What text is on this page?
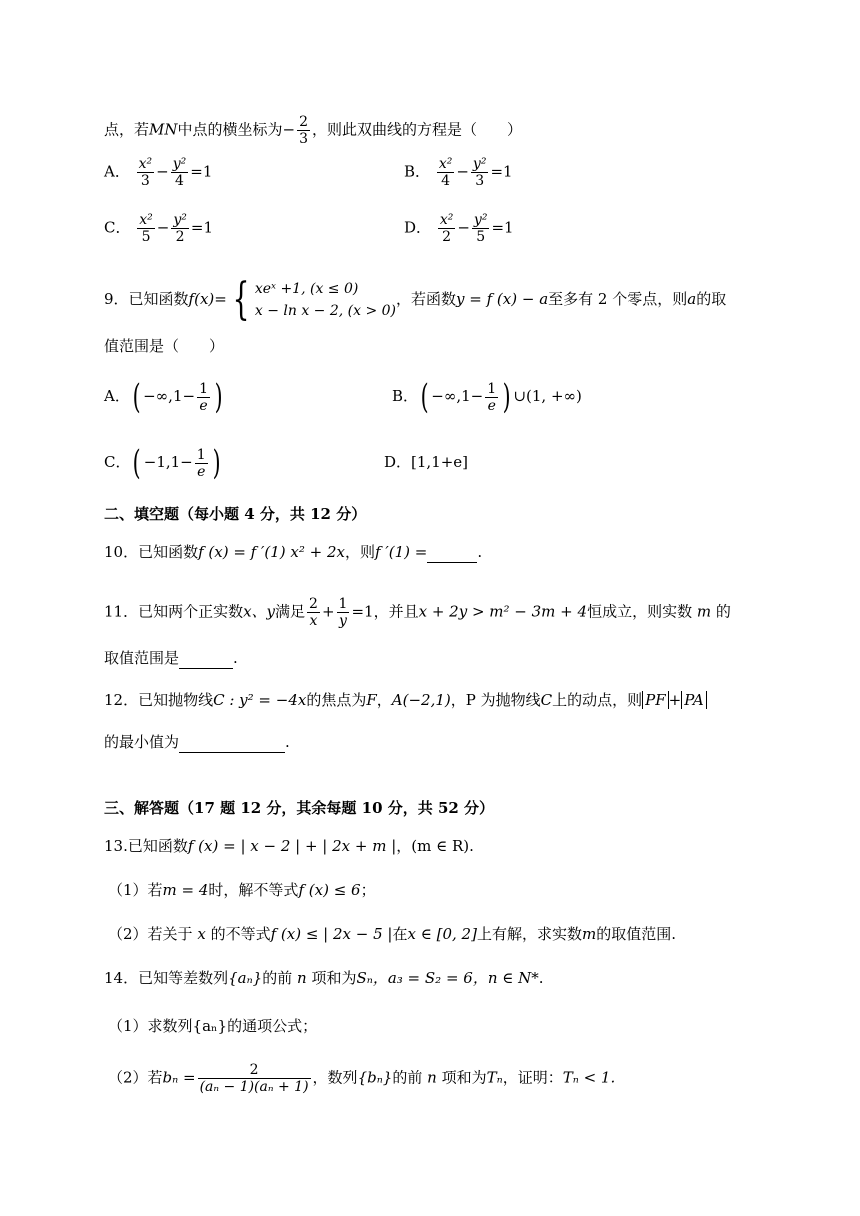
点，若MN中点的横坐标为− $\frac{2}{3}$ ，则此双曲线的方程是（　　）
A． $\frac{\text{x²}}{3} - \frac{\text{y²}}{4} =1$	B． $\frac{\text{x²}}{4} - \frac{\text{y²}}{3} =1$
C． $\frac{\text{x²}}{5} - \frac{\text{y²}}{2} =1$	D． $\frac{\text{x²}}{2} - \frac{\text{y²}}{5} =1$
9．已知函数f(x)= { xeˣ +1, (x ≤ 0)
x − ln x − 2, (x > 0)
，若函数y = f (x) − a至多有 2 个零点，则a的取
值范围是（　　）
A．( $-\infty,1- \frac{1}{e}$ )	B．( $-\infty,1- \frac{1}{e}$ ) ∪(1, +∞)
C．( $-1,1- \frac{1}{e}$ )	D．[1,1+e]
二、填空题（每小题 4 分，共 12 分）
10．已知函数f (x) = f ′(1) x² + 2x，则f ′(1) =	.
11．已知两个正实数x、y满足 $\frac{2}{x} + \frac{1}{y} =1$，并且x + 2y > m² − 3m + 4恒成立，则实数 m 的
取值范围是	.
12．已知抛物线C : y² = −4x的焦点为F，A(−2,1)，P 为抛物线C上的动点，则 PF + PA
的最小值为	.
三、解答题（17 题 12 分，其余每题 10 分，共 52 分）
13.已知函数f (x) = | x − 2 | + | 2x + m |，(m ∈ R).
（1）若m = 4时，解不等式f (x) ≤ 6；
（2）若关于 x 的不等式f (x) ≤ | 2x − 5 |在x ∈ [0, 2]上有解，求实数m的取值范围.
14．已知等差数列{aₙ}的前 n 项和为Sₙ，a₃ = S₂ = 6，n ∈ N*.
（1）求数列{aₙ}的通项公式；
（2）若$b_n = \frac{2}{\text{(aₙ − 1)(aₙ + 1)}}$ ，数列{bₙ}的前 n 项和为Tₙ，证明：Tₙ < 1.
